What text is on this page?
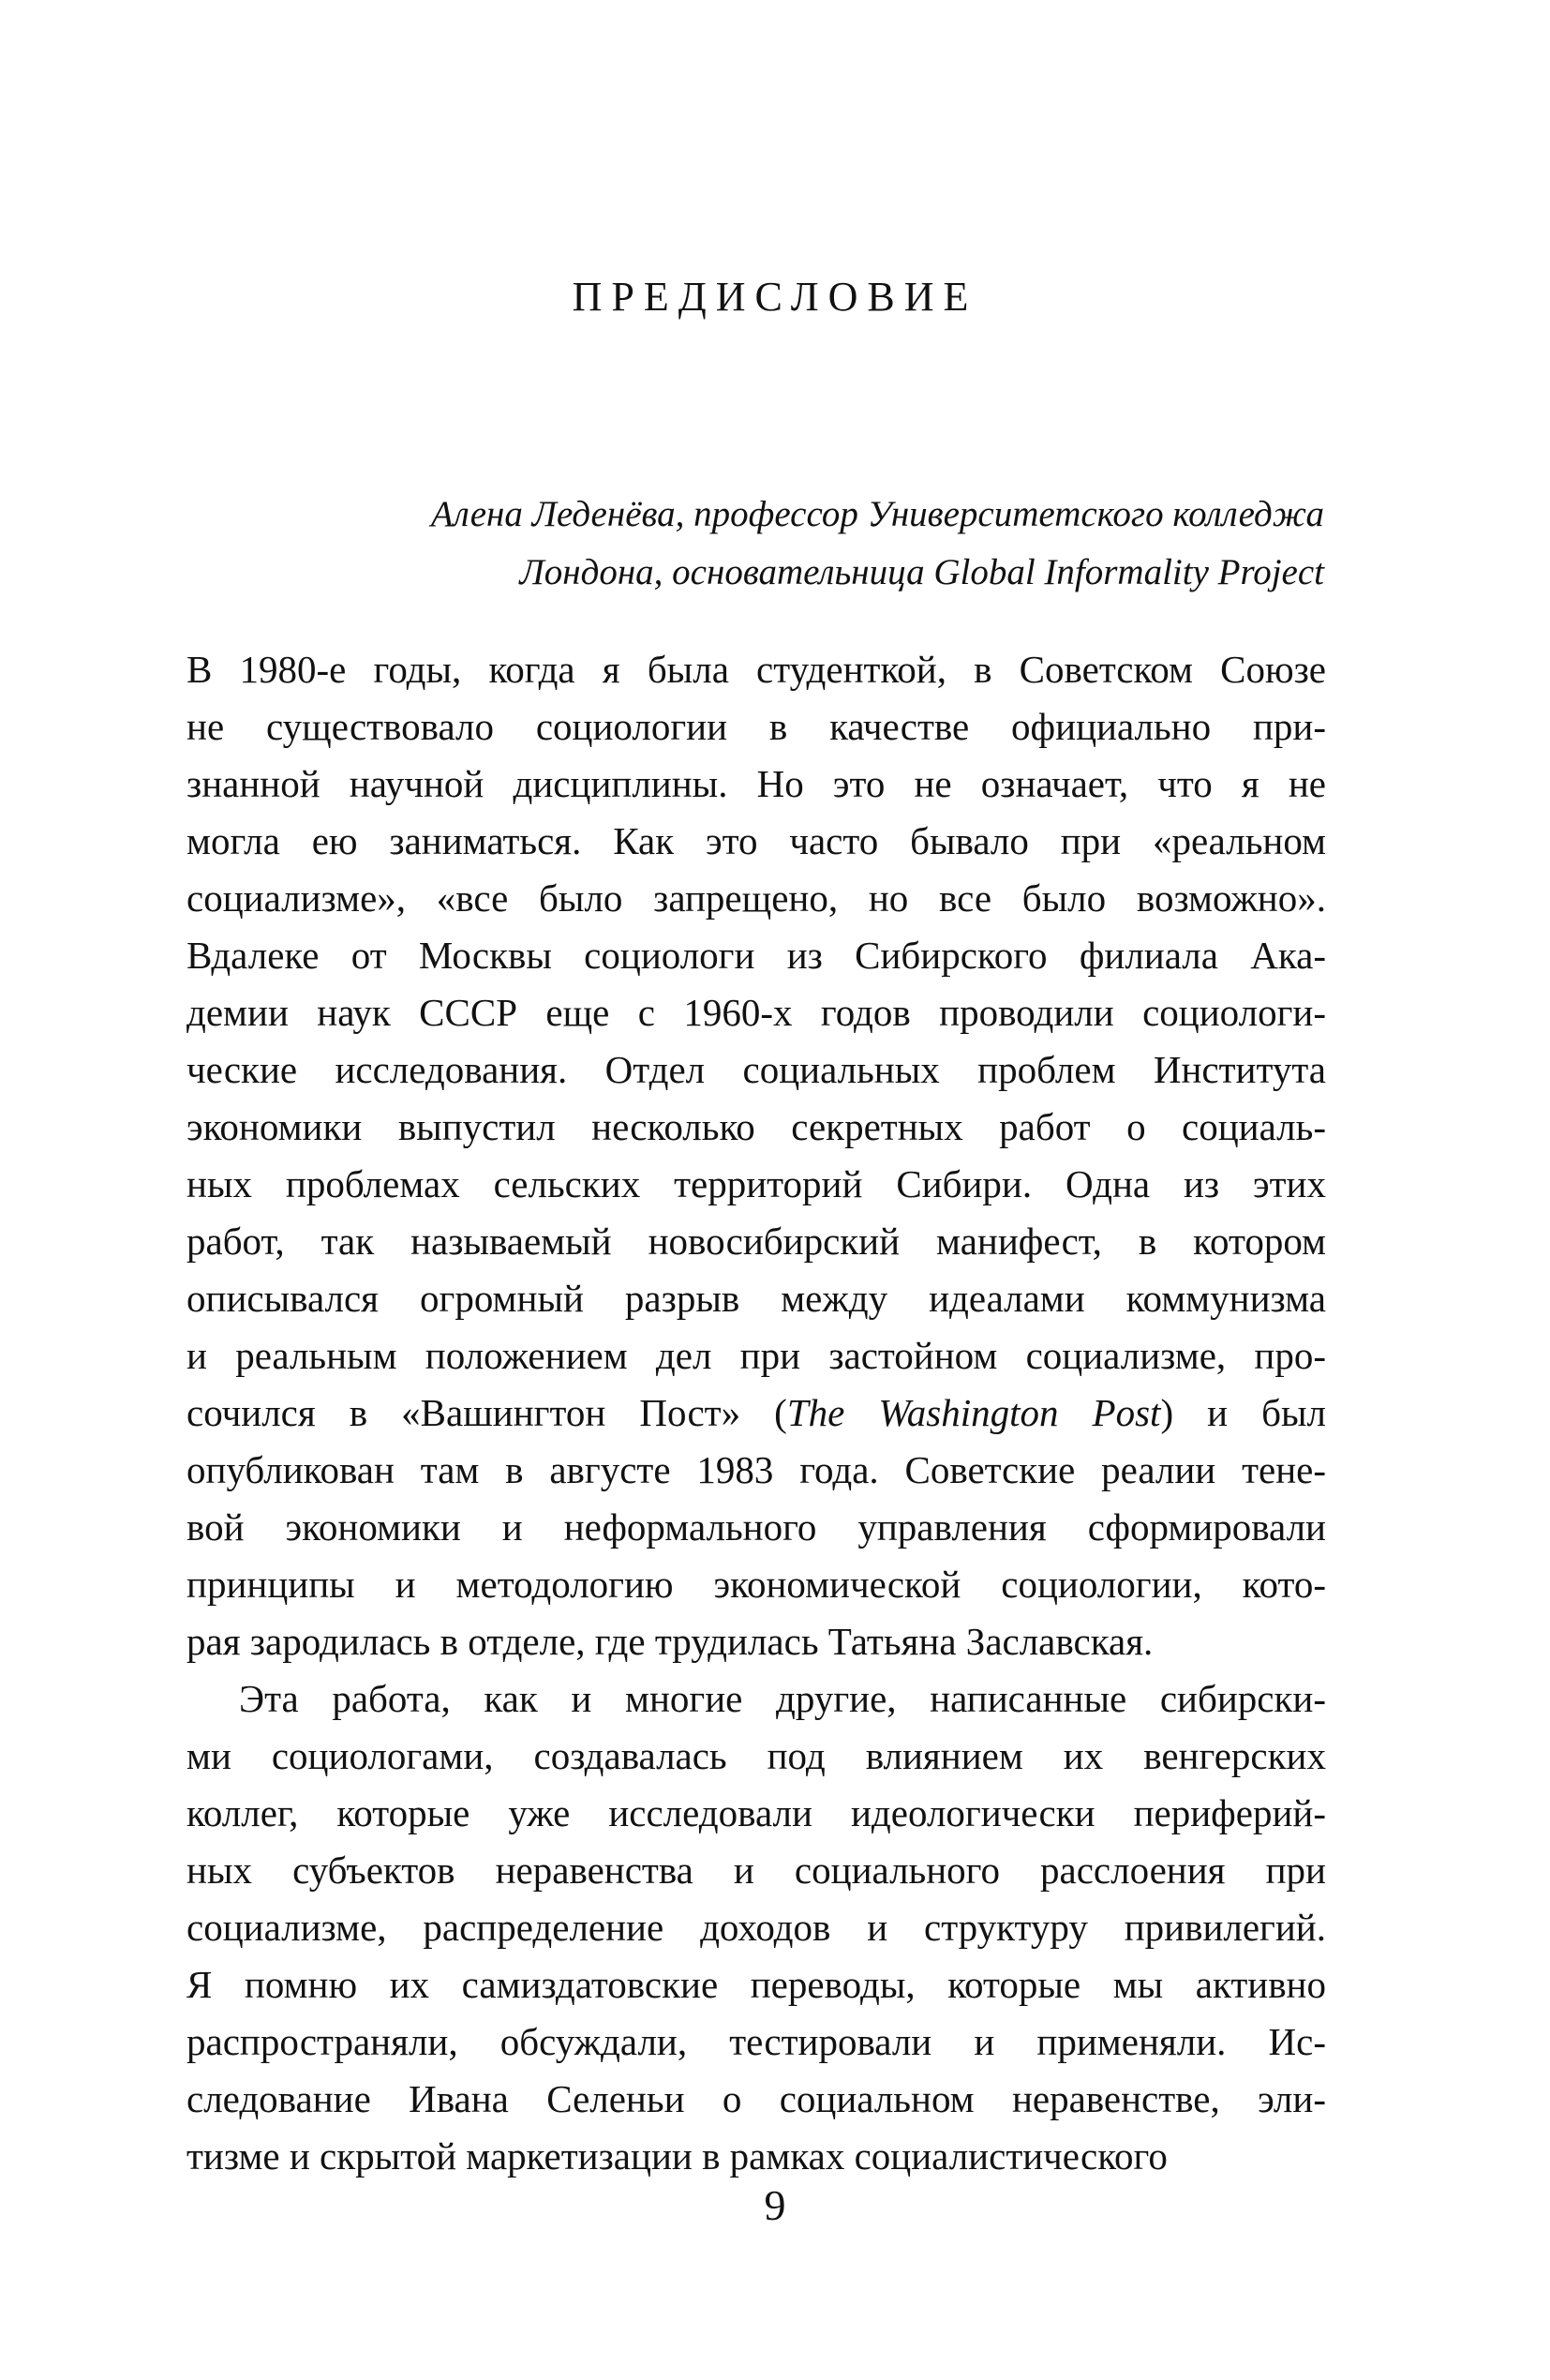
ПРЕДИСЛОВИЕ
Алена Леденёва, профессор Университетского колледжа
Лондона, основательница Global Informality Project
В 1980-е годы, когда я была студенткой, в Советском Союзе
не существовало социологии в качестве официально при-
знанной научной дисциплины. Но это не означает, что я не
могла ею заниматься. Как это часто бывало при «реальном
социализме», «все было запрещено, но все было возможно».
Вдалеке от Москвы социологи из Сибирского филиала Ака-
демии наук СССР еще с 1960-х годов проводили социологи-
ческие исследования. Отдел социальных проблем Института
экономики выпустил несколько секретных работ о социаль-
ных проблемах сельских территорий Сибири. Одна из этих
работ, так называемый новосибирский манифест, в котором
описывался огромный разрыв между идеалами коммунизма
и реальным положением дел при застойном социализме, про-
сочился в «Вашингтон Пост» (The Washington Post) и был
опубликован там в августе 1983 года. Советские реалии тене-
вой экономики и неформального управления сформировали
принципы и методологию экономической социологии, кото-
рая зародилась в отделе, где трудилась Татьяна Заславская.
Эта работа, как и многие другие, написанные сибирски-
ми социологами, создавалась под влиянием их венгерских
коллег, которые уже исследовали идеологически периферий-
ных субъектов неравенства и социального расслоения при
социализме, распределение доходов и структуру привилегий.
Я помню их самиздатовские переводы, которые мы активно
распространяли, обсуждали, тестировали и применяли. Ис-
следование Ивана Селеньи о социальном неравенстве, эли-
тизме и скрытой маркетизации в рамках социалистического
9
